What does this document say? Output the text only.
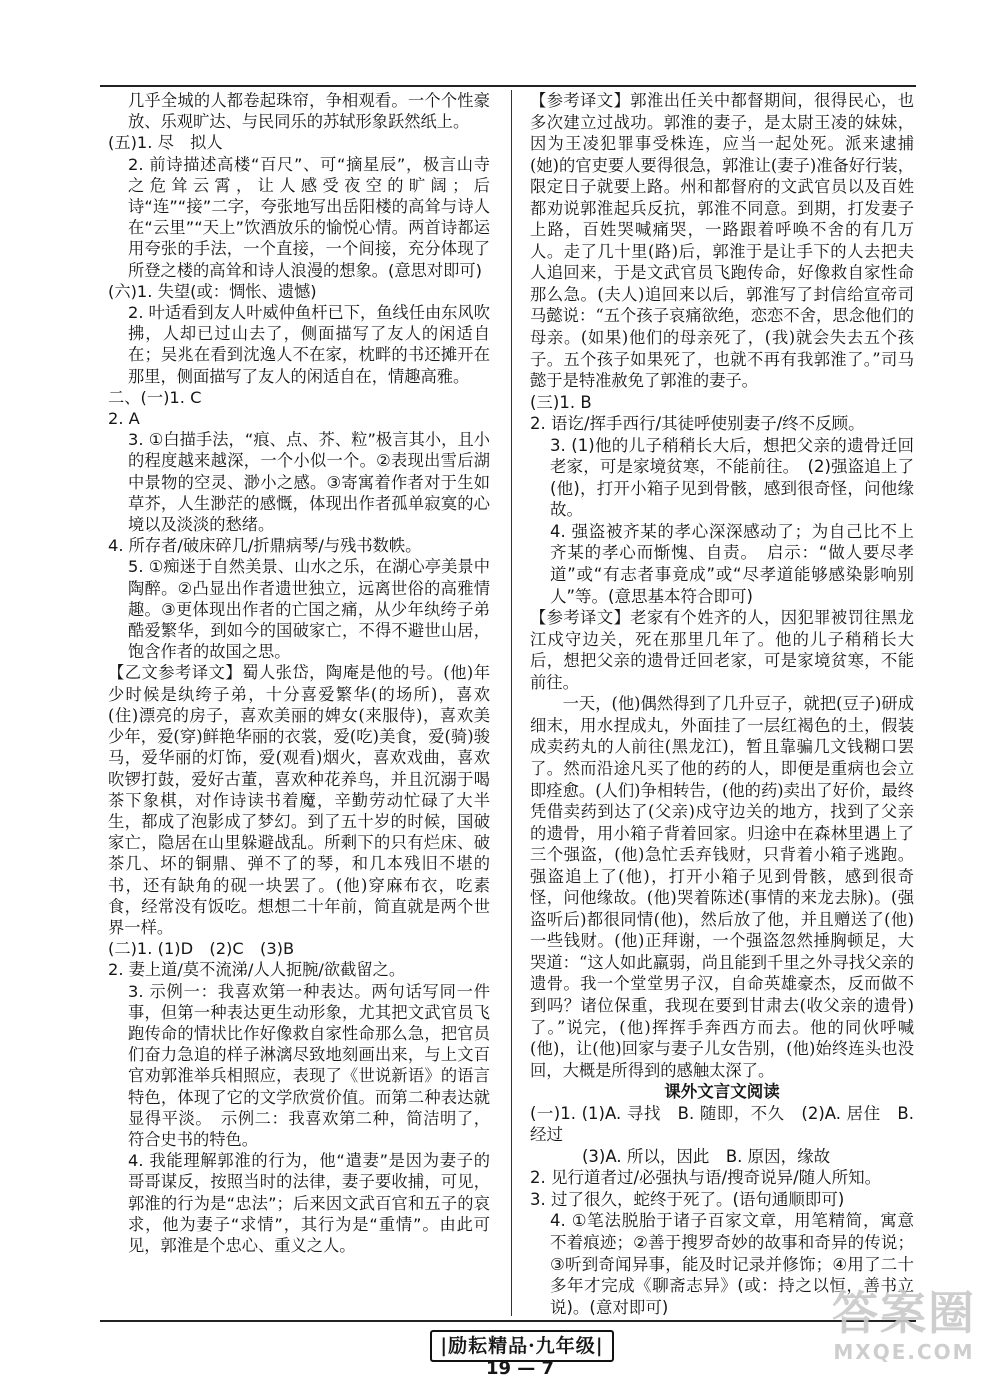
几乎全城的人都卷起珠帘，争相观看。一个个性豪放、乐观旷达、与民同乐的苏轼形象跃然纸上。

(五)1. 尽　拟人

2. 前诗描述高楼“百尺”、可“摘星辰”，极言山寺之危耸云霄，让人感受夜空的旷阔；后诗“连”“接”二字，夸张地写出岳阳楼的高耸与诗人在“云里”“天上”饮酒放乐的愉悦心情。两首诗都运用夸张的手法，一个直接，一个间接，充分体现了所登之楼的高耸和诗人浪漫的想象。(意思对即可)

(六)1. 失望(或：惆怅、遗憾)

2. 叶适看到友人叶威仲鱼杆已下，鱼线任由东风吹拂，人却已过山去了，侧面描写了友人的闲适自在；吴兆在看到沈逸人不在家，枕畔的书还摊开在那里，侧面描写了友人的闲适自在，情趣高雅。

二、(一)1. C

2. A

3. ①白描手法，“痕、点、芥、粒”极言其小，且小的程度越来越深，一个小似一个。②表现出雪后湖中景物的空灵、渺小之感。③寄寓着作者对于生如草芥，人生渺茫的感慨，体现出作者孤单寂寞的心境以及淡淡的愁绪。

4. 所存者/破床碎几/折鼎病琴/与残书数帙。

5. ①痴迷于自然美景、山水之乐，在湖心亭美景中陶醉。②凸显出作者遗世独立，远离世俗的高雅情趣。③更体现出作者的亡国之痛，从少年纨绔子弟酷爱繁华，到如今的国破家亡，不得不避世山居，饱含作者的故国之思。

【乙文参考译文】蜀人张岱，陶庵是他的号。(他)年少时候是纨绔子弟，十分喜爱繁华(的场所)，喜欢(住)漂亮的房子，喜欢美丽的婢女(来服侍)，喜欢美少年，爱(穿)鲜艳华丽的衣裳，爱(吃)美食，爱(骑)骏马，爱华丽的灯饰，爱(观看)烟火，喜欢戏曲，喜欢吹锣打鼓，爱好古董，喜欢种花养鸟，并且沉溺于喝茶下象棋，对作诗读书着魔，辛勤劳动忙碌了大半生，都成了泡影成了梦幻。到了五十岁的时候，国破家亡，隐居在山里躲避战乱。所剩下的只有烂床、破茶几、坏的铜鼎、弹不了的琴，和几本残旧不堪的书，还有缺角的砚一块罢了。(他)穿麻布衣，吃素食，经常没有饭吃。想想二十年前，简直就是两个世界一样。

(二)1. (1)D　(2)C　(3)B

2. 妻上道/莫不流涕/人人扼腕/欲截留之。

3. 示例一：我喜欢第一种表达。两句话写同一件事，但第一种表达更生动形象，尤其把文武官员飞跑传命的情状比作好像救自家性命那么急，把官员们奋力急追的样子淋漓尽致地刻画出来，与上文百官劝郭淮举兵相照应，表现了《世说新语》的语言特色，体现了它的文学欣赏价值。而第二种表达就显得平淡。　示例二：我喜欢第二种，简洁明了，符合史书的特色。

4. 我能理解郭淮的行为，他“遣妻”是因为妻子的哥哥谋反，按照当时的法律，妻子要收捕，可见，郭淮的行为是“忠法”；后来因文武百官和五子的哀求，他为妻子“求情”，其行为是“重情”。由此可见，郭淮是个忠心、重义之人。

【参考译文】郭淮出任关中都督期间，很得民心，也多次建立过战功。郭淮的妻子，是太尉王凌的妹妹，因为王凌犯罪事受株连，应当一起处死。派来逮捕(她)的官吏要人要得很急，郭淮让(妻子)准备好行装，限定日子就要上路。州和都督府的文武官员以及百姓都劝说郭淮起兵反抗，郭淮不同意。到期，打发妻子上路，百姓哭喊痛哭，一路跟着呼唤不舍的有几万人。走了几十里(路)后，郭淮于是让手下的人去把夫人追回来，于是文武官员飞跑传命，好像救自家性命那么急。(夫人)追回来以后，郭淮写了封信给宣帝司马懿说：“五个孩子哀痛欲绝，恋恋不舍，思念他们的母亲。(如果)他们的母亲死了，(我)就会失去五个孩子。五个孩子如果死了，也就不再有我郭淮了。”司马懿于是特准赦免了郭淮的妻子。

(三)1. B

2. 语讫/挥手西行/其徒呼使别妻子/终不反顾。

3. (1)他的儿子稍稍长大后，想把父亲的遗骨迁回老家，可是家境贫寒，不能前往。　(2)强盗追上了(他)，打开小箱子见到骨骸，感到很奇怪，问他缘故。

4. 强盗被齐某的孝心深深感动了；为自己比不上齐某的孝心而惭愧、自责。　启示：“做人要尽孝道”或“有志者事竟成”或“尽孝道能够感染影响别人”等。(意思基本符合即可)

【参考译文】老家有个姓齐的人，因犯罪被罚往黑龙江戍守边关，死在那里几年了。他的儿子稍稍长大后，想把父亲的遗骨迁回老家，可是家境贫寒，不能前往。

　　一天，(他)偶然得到了几升豆子，就把(豆子)研成细末，用水捏成丸，外面挂了一层红褐色的土，假装成卖药丸的人前往(黑龙江)，暂且靠骗几文钱糊口罢了。然而沿途凡买了他的药的人，即便是重病也会立即痊愈。(人们)争相转告，(他的药)卖出了好价，最终凭借卖药到达了(父亲)戍守边关的地方，找到了父亲的遗骨，用小箱子背着回家。归途中在森林里遇上了三个强盗，(他)急忙丢弃钱财，只背着小箱子逃跑。强盗追上了(他)，打开小箱子见到骨骸，感到很奇怪，问他缘故。(他)哭着陈述(事情的来龙去脉)。(强盗听后)都很同情(他)，然后放了他，并且赠送了(他)一些钱财。(他)正拜谢，一个强盗忽然捶胸顿足，大哭道：“这人如此羸弱，尚且能到千里之外寻找父亲的遗骨。我一个堂堂男子汉，自命英雄豪杰，反而做不到吗？诸位保重，我现在要到甘肃去(收父亲的遗骨)了。”说完，(他)挥挥手奔西方而去。他的同伙呼喊(他)，让(他)回家与妻子儿女告别，(他)始终连头也没回，大概是所得到的感触太深了。

课外文言文阅读

(一)1. (1)A. 寻找　B. 随即，不久　(2)A. 居住　B. 经过

(3)A. 所以，因此　B. 原因，缘故

2. 见行道者过/必强执与语/搜奇说异/随人所知。

3. 过了很久，蛇终于死了。(语句通顺即可)

4. ①笔法脱胎于诸子百家文章，用笔精简，寓意不着痕迹；②善于搜罗奇妙的故事和奇异的传说；③听到奇闻异事，能及时记录并修饰；④用了二十多年才完成《聊斋志异》(或：持之以恒，善书立说)。(意对即可)

|励耘精品·九年级|
19 — 7
答案圈
MXQE.COM
